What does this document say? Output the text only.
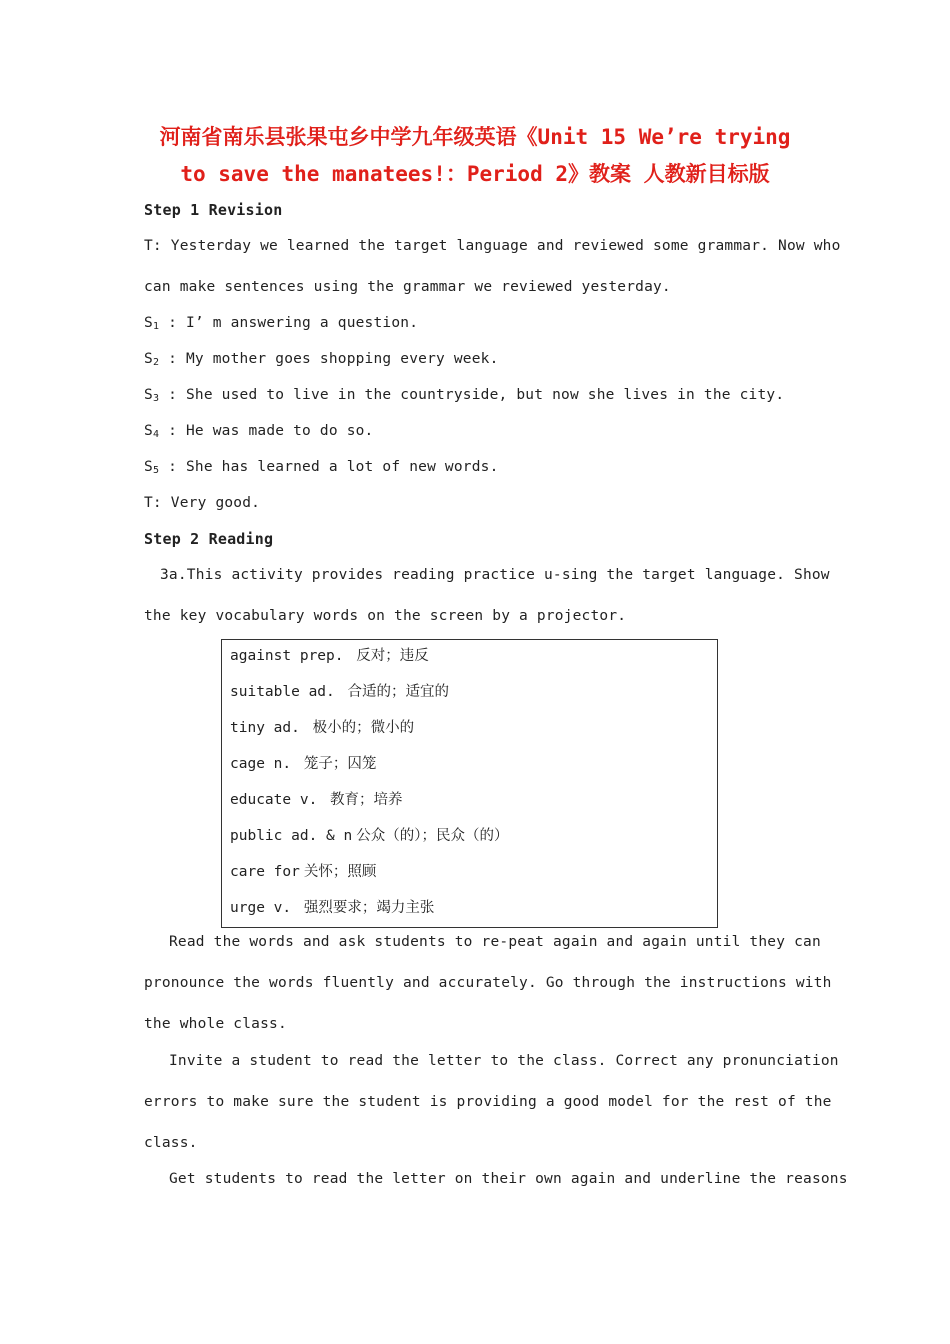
河南省南乐县张果屯乡中学九年级英语《Unit 15 We’re trying
to save the manatees!：Period 2》教案 人教新目标版
Step 1 Revision
T: Yesterday we learned the target language and reviewed some grammar. Now who
can make sentences using the grammar we reviewed yesterday.
$S_1$ : I’ m answering a question.
$S_2$ : My mother goes shopping every week.
$S_3$ : She used to live in the countryside, but now she lives in the city.
$S_4$ : He was made to do so.
$S_5$ : She has learned a lot of new words.
T: Very good.
Step 2 Reading
3a.This activity provides reading practice u-sing the target language. Show
the key vocabulary words on the screen by a projector.
against prep. 反对；违反
suitable ad. 合适的；适宜的
tiny ad. 极小的；微小的
cage n. 笼子；囚笼
educate v. 教育；培养
public ad. & n 公众（的）；民众（的）
care for 关怀；照顾
urge v. 强烈要求；竭力主张
Read the words and ask students to re-peat again and again until they can
pronounce the words fluently and accurately. Go through the instructions with
the whole class.
Invite a student to read the letter to the class. Correct any pronunciation
errors to make sure the student is providing a good model for the rest of the
class.
Get students to read the letter on their own again and underline the reasons
